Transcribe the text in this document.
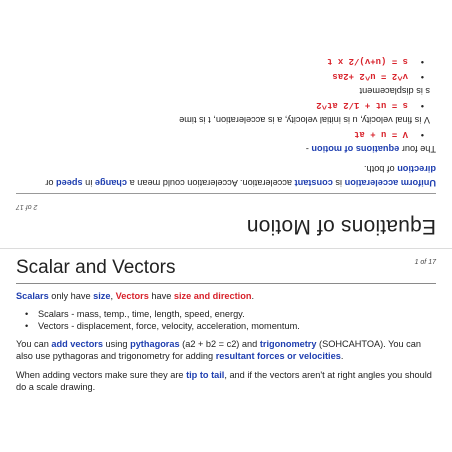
Equations of Motion
2 of 17

Uniform acceleration is constant acceleration. Acceleration could mean a change in speed or direction of both.

The four equations of motion -

•
V = u + at

V is final velocity, u is initial velocity, a is acceleration, t is time

•
s = ut + 1/2 at^2

s is displacement

•
v^2 = u^2 +2as
•
s = (u+v)/2 x t
Scalar and Vectors	1 of 17

Scalars only have size, Vectors have size and direction.

• Scalars - mass, temp., time, length, speed, energy.
• Vectors - displacement, force, velocity, acceleration, momentum.

You can add vectors using pythagoras (a2 + b2 = c2) and trigonometry (SOHCAHTOA). You can also use pythagoras and trigonometry for adding resultant forces or velocities.

When adding vectors make sure they are tip to tail, and if the vectors aren't at right angles you should do a scale drawing.
